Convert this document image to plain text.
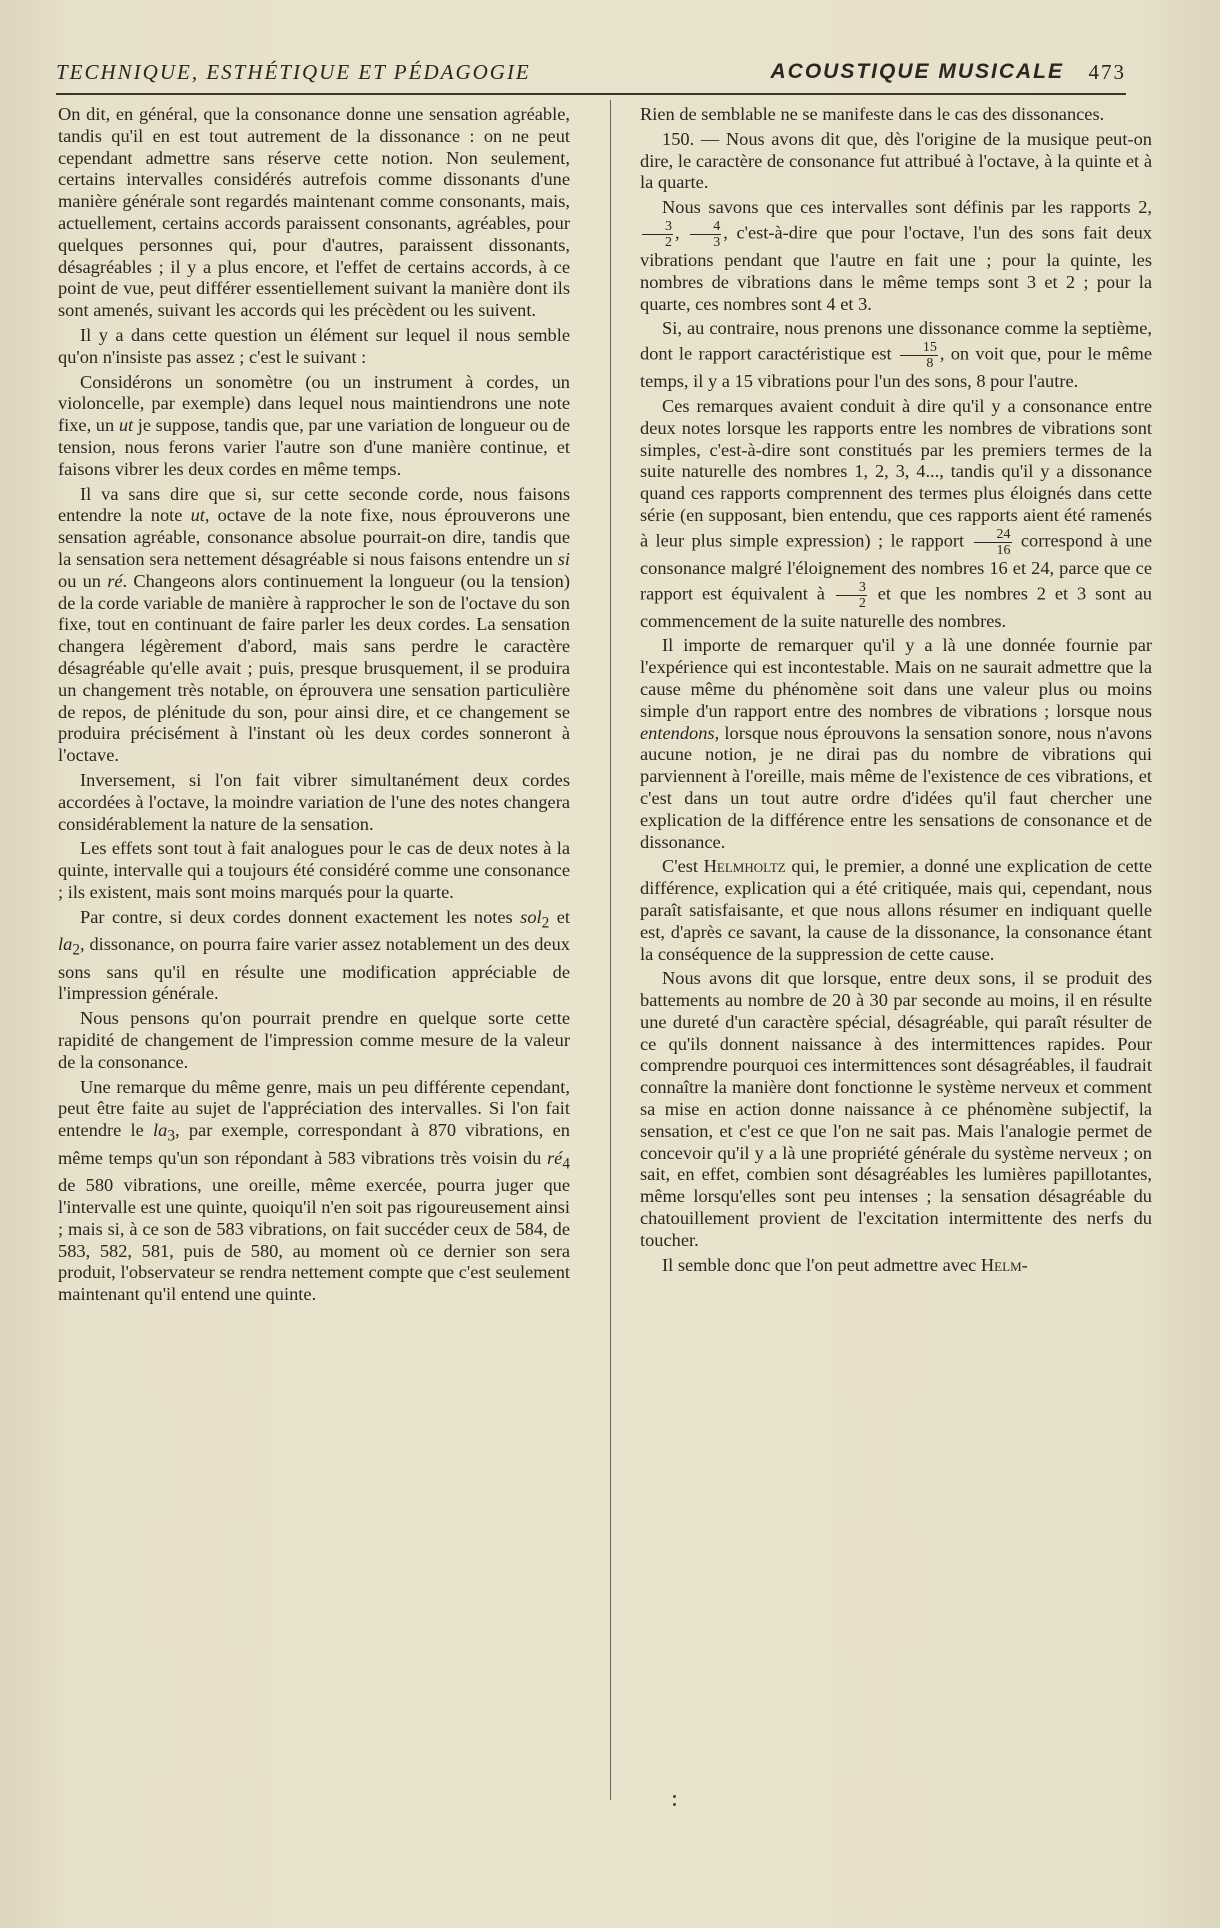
TECHNIQUE, ESTHÉTIQUE ET PÉDAGOGIE	ACOUSTIQUE MUSICALE 473

On dit, en général, que la consonance donne une sensation agréable, tandis qu'il en est tout autrement de la dissonance : on ne peut cependant admettre sans réserve cette notion. Non seulement, certains intervalles considérés autrefois comme dissonants d'une manière générale sont regardés maintenant comme consonants, mais, actuellement, certains accords paraissent consonants, agréables, pour quelques personnes qui, pour d'autres, paraissent dissonants, désagréables ; il y a plus encore, et l'effet de certains accords, à ce point de vue, peut différer essentiellement suivant la manière dont ils sont amenés, suivant les accords qui les précèdent ou les suivent.

Il y a dans cette question un élément sur lequel il nous semble qu'on n'insiste pas assez ; c'est le suivant :

Considérons un sonomètre (ou un instrument à cordes, un violoncelle, par exemple) dans lequel nous maintiendrons une note fixe, un ut je suppose, tandis que, par une variation de longueur ou de tension, nous ferons varier l'autre son d'une manière continue, et faisons vibrer les deux cordes en même temps.

Il va sans dire que si, sur cette seconde corde, nous faisons entendre la note ut, octave de la note fixe, nous éprouverons une sensation agréable, consonance absolue pourrait-on dire, tandis que la sensation sera nettement désagréable si nous faisons entendre un si ou un ré. Changeons alors continuement la longueur (ou la tension) de la corde variable de manière à rapprocher le son de l'octave du son fixe, tout en continuant de faire parler les deux cordes. La sensation changera légèrement d'abord, mais sans perdre le caractère désagréable qu'elle avait ; puis, presque brusquement, il se produira un changement très notable, on éprouvera une sensation particulière de repos, de plénitude du son, pour ainsi dire, et ce changement se produira précisément à l'instant où les deux cordes sonneront à l'octave.

Inversement, si l'on fait vibrer simultanément deux cordes accordées à l'octave, la moindre variation de l'une des notes changera considérablement la nature de la sensation.

Les effets sont tout à fait analogues pour le cas de deux notes à la quinte, intervalle qui a toujours été considéré comme une consonance ; ils existent, mais sont moins marqués pour la quarte.

Par contre, si deux cordes donnent exactement les notes sol$_2$ et $la_2$, dissonance, on pourra faire varier assez notablement un des deux sons sans qu'il en résulte une modification appréciable de l'impression générale.

Nous pensons qu'on pourrait prendre en quelque sorte cette rapidité de changement de l'impression comme mesure de la valeur de la consonance.

Une remarque du même genre, mais un peu différente cependant, peut être faite au sujet de l'appréciation des intervalles. Si l'on fait entendre le $la_3$, par exemple, correspondant à 870 vibrations, en même temps qu'un son répondant à 583 vibrations très voisin du $ré_4$ de 580 vibrations, une oreille, même exercée, pourra juger que l'intervalle est une quinte, quoiqu'il n'en soit pas rigoureusement ainsi ; mais si, à ce son de 583 vibrations, on fait succéder ceux de 584, de 583, 582, 581, puis de 580, au moment où ce dernier son sera produit, l'observateur se rendra nettement compte que c'est seulement maintenant qu'il entend une quinte.

Rien de semblable ne se manifeste dans le cas des dissonances.

150. — Nous avons dit que, dès l'origine de la musique peut-on dire, le caractère de consonance fut attribué à l'octave, à la quinte et à la quarte.

Nous savons que ces intervalles sont définis par les rapports 2,
$\frac{3}{2}$ , $\frac{4}{3}$ , c'est-à-dire que pour l'octave, l'un des sons fait deux vibrations pendant que l'autre en fait une ; pour la quinte, les nombres de vibrations dans le même temps sont 3 et 2 ; pour la quarte, ces nombres sont 4 et 3.

Si, au contraire, nous prenons une dissonance comme la septième, dont le rapport caractéristique est $\frac{15}{8}$ , on voit que, pour le même temps, il y a 15 vibrations pour l'un des sons, 8 pour l'autre.

Ces remarques avaient conduit à dire qu'il y a consonance entre deux notes lorsque les rapports entre les nombres de vibrations sont simples, c'est-à-dire sont constitués par les premiers termes de la suite naturelle des nombres 1, 2, 3, 4..., tandis qu'il y a dissonance quand ces rapports comprennent des termes plus éloignés dans cette série (en supposant, bien entendu, que ces rapports aient été ramenés à leur plus simple expression) ; le rapport $\frac{24}{16}$ correspond à une consonance malgré l'éloignement des nombres 16 et 24, parce que ce rapport est équivalent à $\frac{3}{2}$ et que les nombres 2 et 3 sont au commencement de la suite naturelle des nombres.

Il importe de remarquer qu'il y a là une donnée fournie par l'expérience qui est incontestable. Mais on ne saurait admettre que la cause même du phénomène soit dans une valeur plus ou moins simple d'un rapport entre des nombres de vibrations ; lorsque nous entendons, lorsque nous éprouvons la sensation sonore, nous n'avons aucune notion, je ne dirai pas du nombre de vibrations qui parviennent à l'oreille, mais même de l'existence de ces vibrations, et c'est dans un tout autre ordre d'idées qu'il faut chercher une explication de la différence entre les sensations de consonance et de dissonance.

C'est Helmholtz qui, le premier, a donné une explication de cette différence, explication qui a été critiquée, mais qui, cependant, nous paraît satisfaisante, et que nous allons résumer en indiquant quelle est, d'après ce savant, la cause de la dissonance, la consonance étant la conséquence de la suppression de cette cause.

Nous avons dit que lorsque, entre deux sons, il se produit des battements au nombre de 20 à 30 par seconde au moins, il en résulte une dureté d'un caractère spécial, désagréable, qui paraît résulter de ce qu'ils donnent naissance à des intermittences rapides. Pour comprendre pourquoi ces intermittences sont désagréables, il faudrait connaître la manière dont fonctionne le système nerveux et comment sa mise en action donne naissance à ce phénomène subjectif, la sensation, et c'est ce que l'on ne sait pas. Mais l'analogie permet de concevoir qu'il y a là une propriété générale du système nerveux ; on sait, en effet, combien sont désagréables les lumières papillotantes, même lorsqu'elles sont peu intenses ; la sensation désagréable du chatouillement provient de l'excitation intermittente des nerfs du toucher.

Il semble donc que l'on peut admettre avec Helm-
